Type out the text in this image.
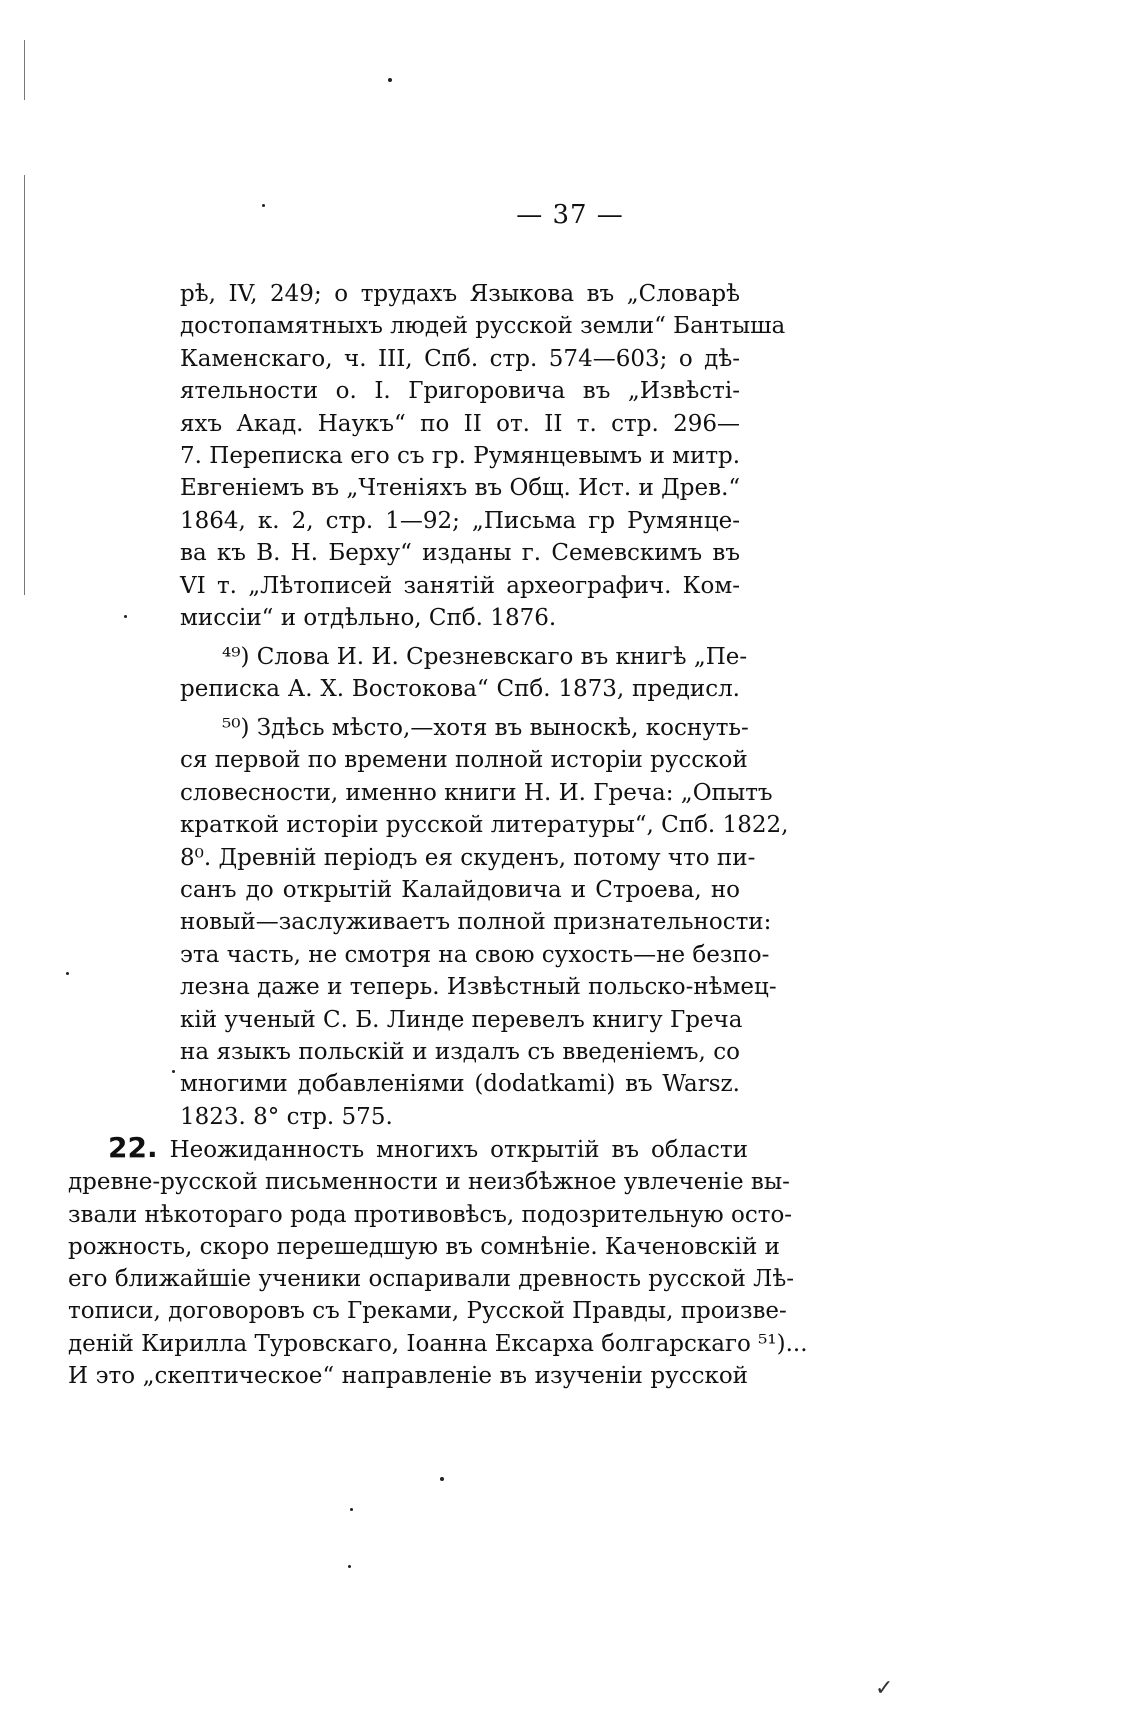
— 37 —
рѣ, IV, 249; о трудахъ Языкова въ „Словарѣ
достопамятныхъ людей русской земли“ Бантыша
Каменскаго, ч. III, Спб. стр. 574—603; о дѣ-
ятельности о. I. Григоровича въ „Извѣстi-
яхъ Акад. Наукъ“ по II от. II т. стр. 296—
7. Переписка его съ гр. Румянцевымъ и митр.
Евгенiемъ въ „Чтенiяхъ въ Общ. Ист. и Древ.“
1864, к. 2, стр. 1—92; „Письма гр Румянце-
ва къ В. Н. Берху“ изданы г. Семевскимъ въ
VI т. „Лѣтописей занятiй археографич. Ком-
миссiи“ и отдѣльно, Спб. 1876.
⁴⁹) Слова И. И. Срезневскаго въ книгѣ „Пе-
реписка А. Х. Востокова“ Спб. 1873, предисл.
⁵⁰) Здѣсь мѣсто,—хотя въ выноскѣ, коснуть-
ся первой по времени полной исторiи русской
словесности, именно книги Н. И. Греча: „Опытъ
краткой исторiи русской литературы“, Спб. 1822,
8⁰. Древнiй перiодъ ея скуденъ, потому что пи-
санъ до открытiй Калайдовича и Строева, но
новый—заслуживаетъ полной признательности:
эта часть, не смотря на свою сухость—не безпо-
лезна даже и теперь. Извѣстный польско-нѣмец-
кiй ученый С. Б. Линде перевелъ книгу Греча
на языкъ польскiй и издалъ съ введенiемъ, со
многими добавленiями (dodatkami) въ Warsz.
1823. 8° стр. 575.
22. Неожиданность многихъ открытiй въ области
древне-русской письменности и неизбѣжное увлеченiе вы-
звали нѣкотораго рода противовѣсъ, подозрительную осто-
рожность, скоро перешедшую въ сомнѣнiе. Каченовскiй и
его ближайшiе ученики оспаривали древность русской Лѣ-
тописи, договоровъ съ Греками, Русской Правды, произве-
денiй Кирилла Туровскаго, Iоанна Ексарха болгарскаго ⁵¹)...
И это „скептическое“ направленiе въ изученiи русской
✓
